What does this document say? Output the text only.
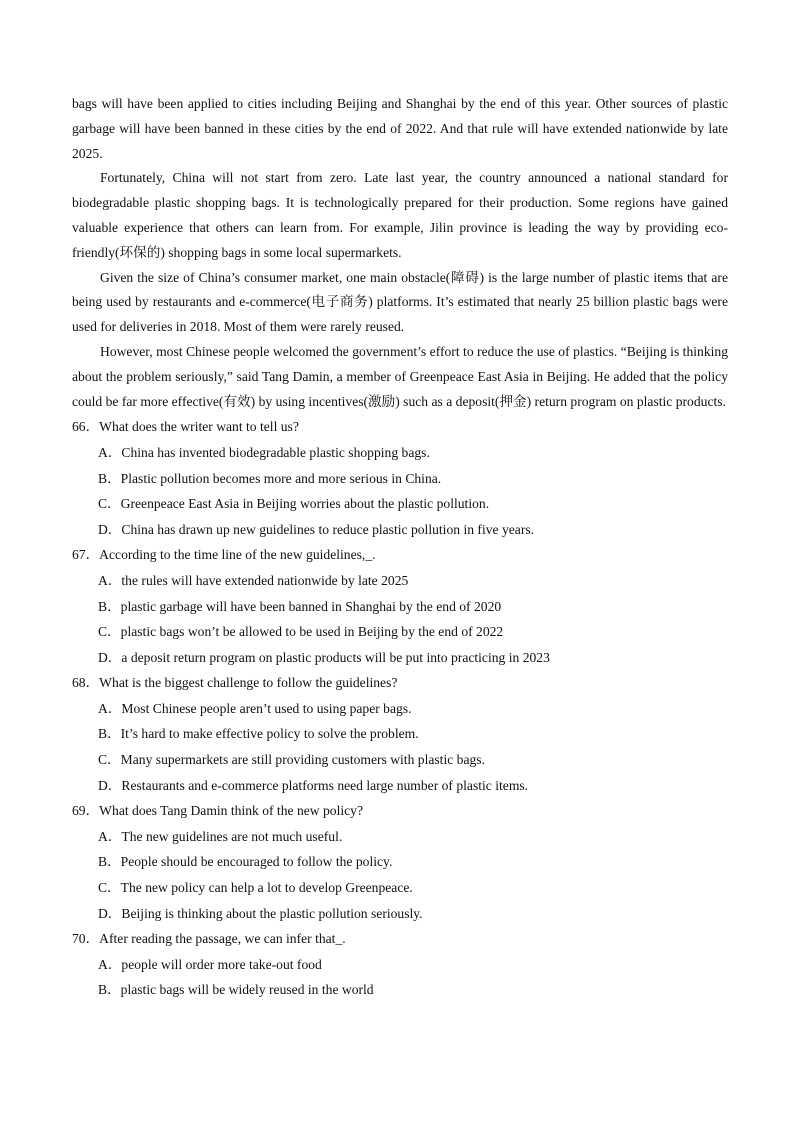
bags will have been applied to cities including Beijing and Shanghai by the end of this year. Other sources of plastic garbage will have been banned in these cities by the end of 2022. And that rule will have extended nationwide by late 2025.

Fortunately, China will not start from zero. Late last year, the country announced a national standard for biodegradable plastic shopping bags. It is technologically prepared for their production. Some regions have gained valuable experience that others can learn from. For example, Jilin province is leading the way by providing eco-friendly(环保的) shopping bags in some local supermarkets.

Given the size of China’s consumer market, one main obstacle(障碍) is the large number of plastic items that are being used by restaurants and e-commerce(电子商务) platforms. It’s estimated that nearly 25 billion plastic bags were used for deliveries in 2018. Most of them were rarely reused.

However, most Chinese people welcomed the government’s effort to reduce the use of plastics. “Beijing is thinking about the problem seriously,” said Tang Damin, a member of Greenpeace East Asia in Beijing. He added that the policy could be far more effective(有效) by using incentives(激励) such as a deposit(押金) return program on plastic products.

66．What does the writer want to tell us?
A．China has invented biodegradable plastic shopping bags.
B．Plastic pollution becomes more and more serious in China.
C．Greenpeace East Asia in Beijing worries about the plastic pollution.
D．China has drawn up new guidelines to reduce plastic pollution in five years.
67．According to the time line of the new guidelines,_.
A．the rules will have extended nationwide by late 2025
B．plastic garbage will have been banned in Shanghai by the end of 2020
C．plastic bags won’t be allowed to be used in Beijing by the end of 2022
D．a deposit return program on plastic products will be put into practicing in 2023
68．What is the biggest challenge to follow the guidelines?
A．Most Chinese people aren’t used to using paper bags.
B．It’s hard to make effective policy to solve the problem.
C．Many supermarkets are still providing customers with plastic bags.
D．Restaurants and e-commerce platforms need large number of plastic items.
69．What does Tang Damin think of the new policy?
A．The new guidelines are not much useful.
B．People should be encouraged to follow the policy.
C．The new policy can help a lot to develop Greenpeace.
D．Beijing is thinking about the plastic pollution seriously.
70．After reading the passage, we can infer that_.
A．people will order more take-out food
B．plastic bags will be widely reused in the world
